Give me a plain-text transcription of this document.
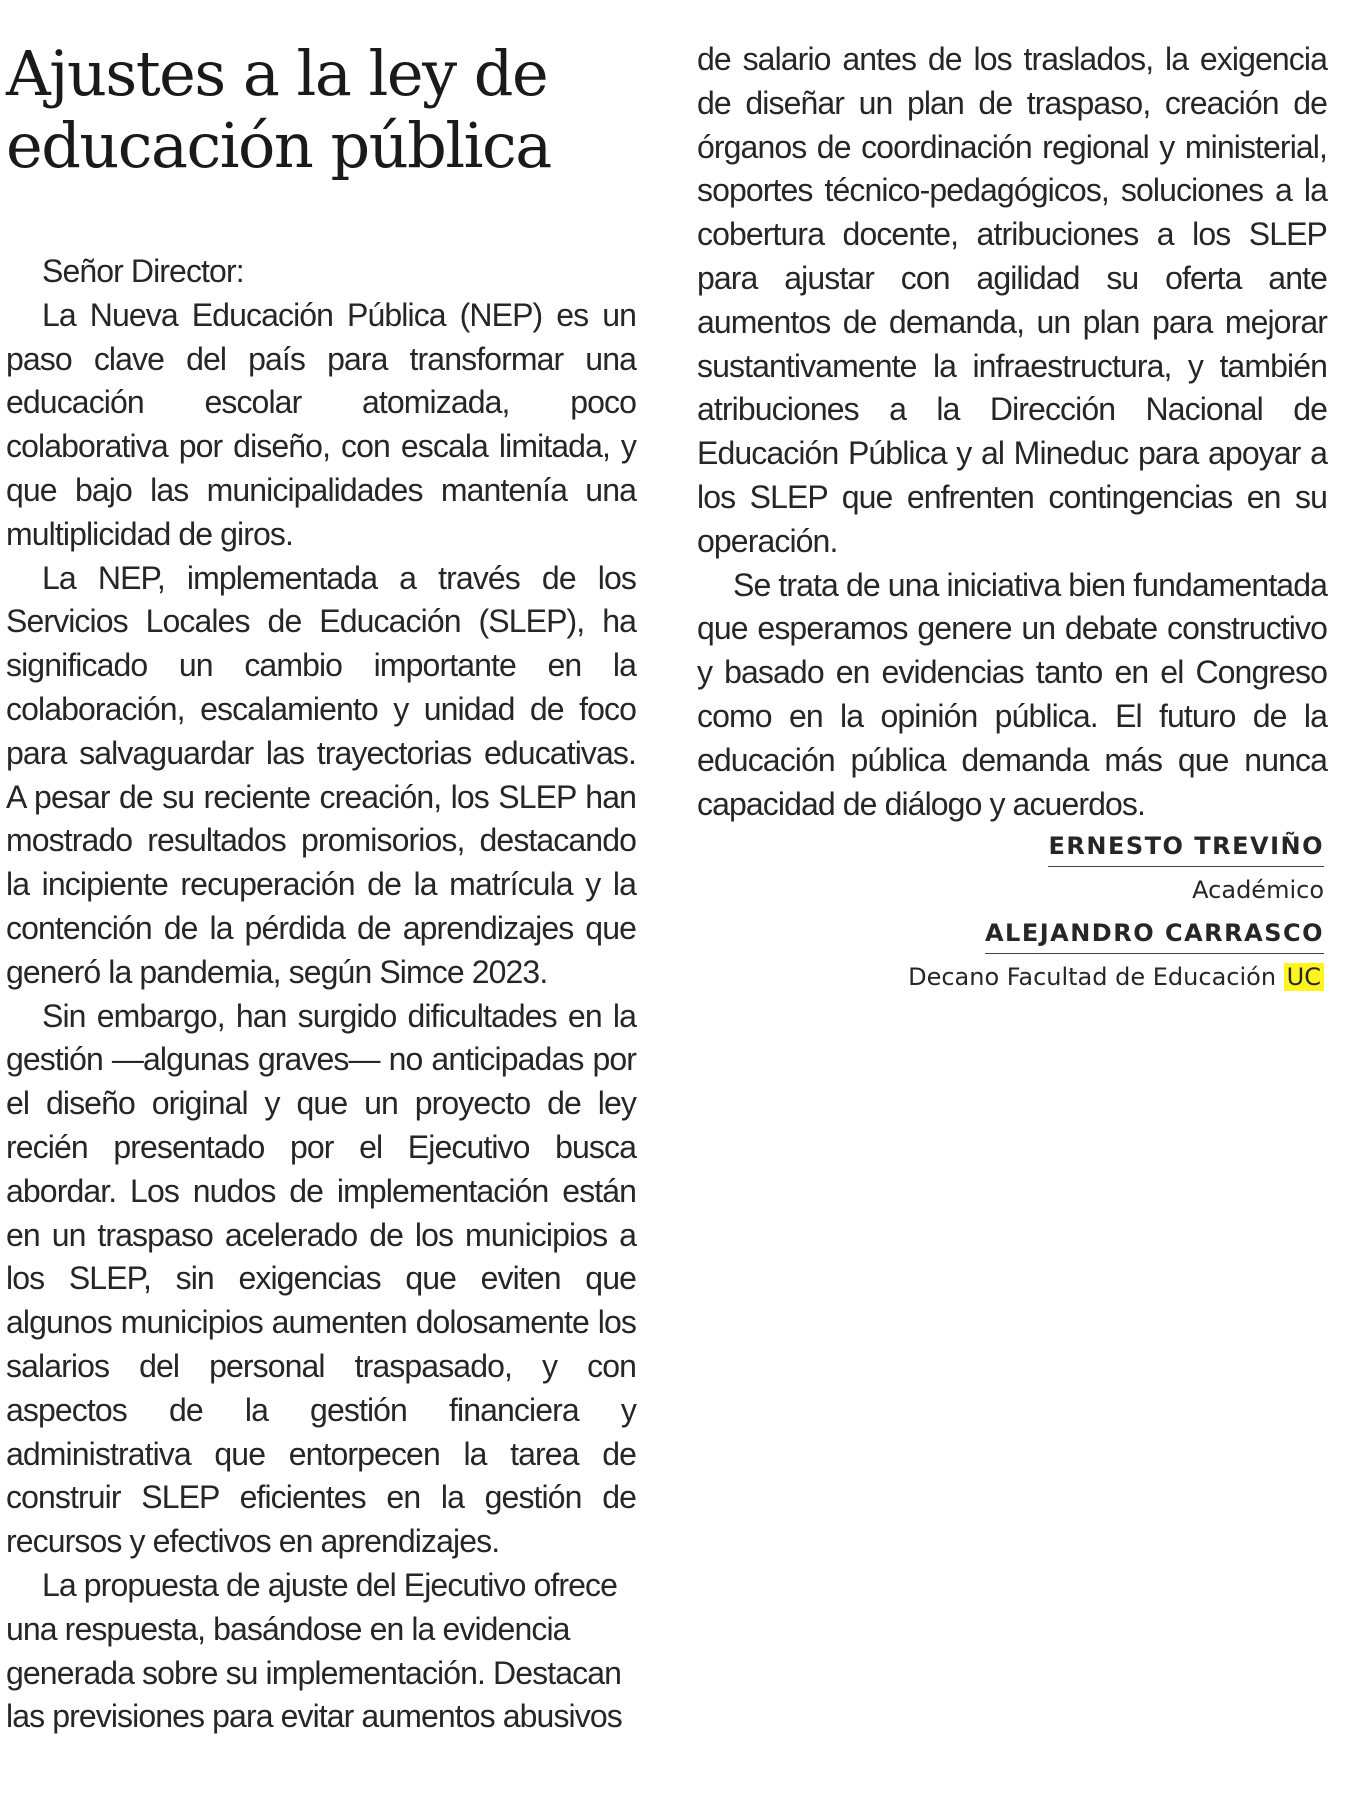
Ajustes a la ley de educación pública

Señor Director:

La Nueva Educación Pública (NEP) es un paso clave del país para transformar una educación escolar atomizada, poco colaborativa por diseño, con escala limitada, y que bajo las municipalidades mantenía una multiplicidad de giros.

La NEP, implementada a través de los Servicios Locales de Educación (SLEP), ha significado un cambio importante en la colaboración, escalamiento y unidad de foco para salvaguardar las trayectorias educativas. A pesar de su reciente creación, los SLEP han mostrado resultados promisorios, destacando la incipiente recuperación de la matrícula y la contención de la pérdida de aprendizajes que generó la pandemia, según Simce 2023.

Sin embargo, han surgido dificultades en la gestión —algunas graves— no anticipadas por el diseño original y que un proyecto de ley recién presentado por el Ejecutivo busca abordar. Los nudos de implementación están en un traspaso acelerado de los municipios a los SLEP, sin exigencias que eviten que algunos municipios aumenten dolosamente los salarios del personal traspasado, y con aspectos de la gestión financiera y administrativa que entorpecen la tarea de construir SLEP eficientes en la gestión de recursos y efectivos en aprendizajes.

La propuesta de ajuste del Ejecutivo ofrece una respuesta, basándose en la evidencia generada sobre su implementación. Destacan las previsiones para evitar aumentos abusivos

de salario antes de los traslados, la exigencia de diseñar un plan de traspaso, creación de órganos de coordinación regional y ministerial, soportes técnico-pedagógicos, soluciones a la cobertura docente, atribuciones a los SLEP para ajustar con agilidad su oferta ante aumentos de demanda, un plan para mejorar sustantivamente la infraestructura, y también atribuciones a la Dirección Nacional de Educación Pública y al Mineduc para apoyar a los SLEP que enfrenten contingencias en su operación.

Se trata de una iniciativa bien fundamentada que esperamos genere un debate constructivo y basado en evidencias tanto en el Congreso como en la opinión pública. El futuro de la educación pública demanda más que nunca capacidad de diálogo y acuerdos.

ERNESTO TREVIÑO
Académico
ALEJANDRO CARRASCO
Decano Facultad de Educación UC
